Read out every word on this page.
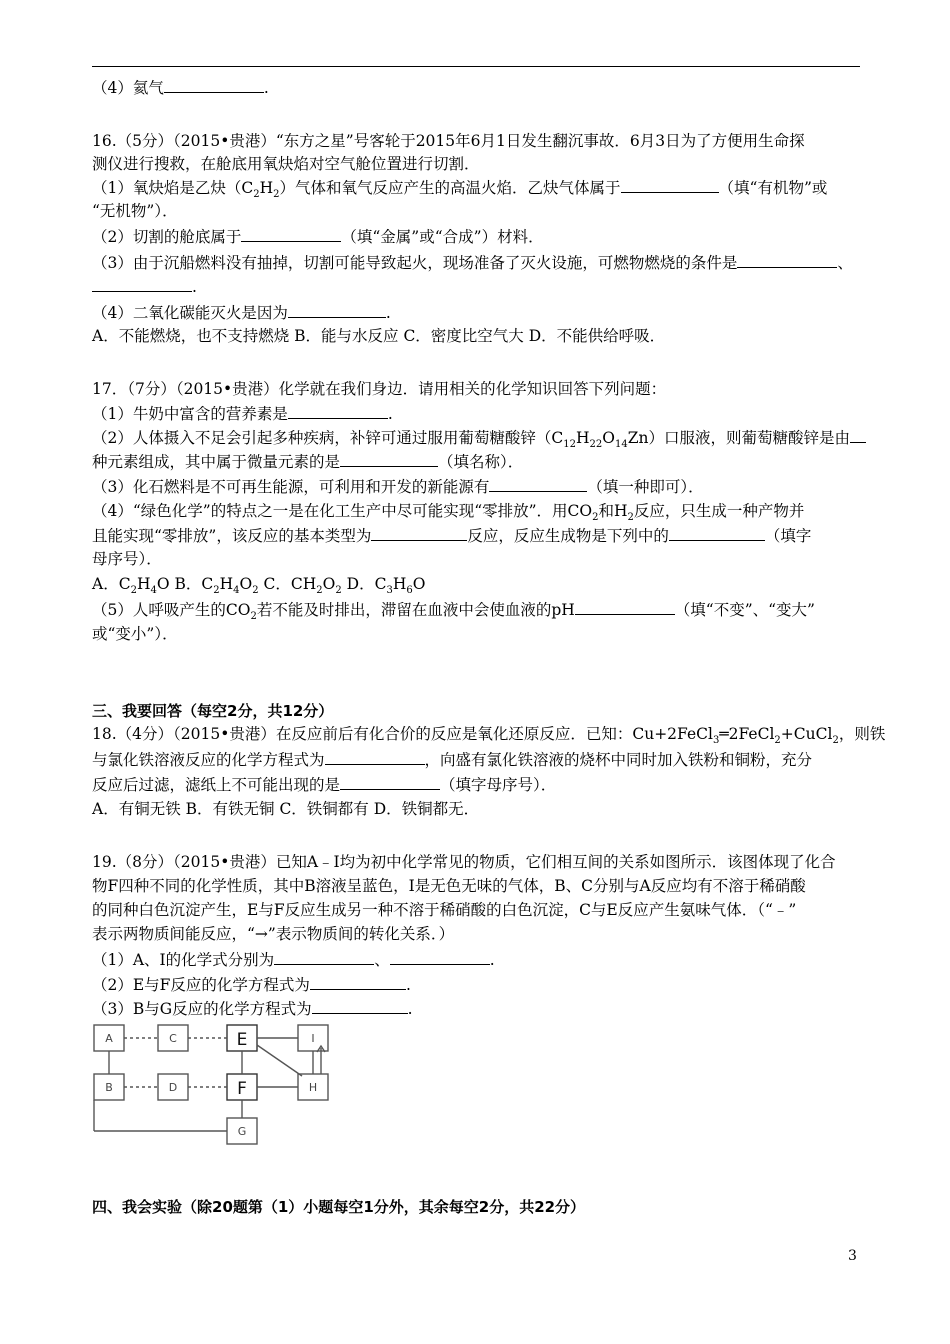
（4）氦气	.
16.（5分）（2015•贵港）“东方之星”号客轮于2015年6月1日发生翻沉事故．6月3日为了方便用生命探
测仪进行搜救，在舱底用氧炔焰对空气舱位置进行切割．
（1）氧炔焰是乙炔$(C_2H_2)$气体和氧气反应产生的高温火焰．乙炔气体属于	（填“有机物”或
“无机物”）．
（2）切割的舱底属于	（填“金属”或“合成”）材料．
（3）由于沉船燃料没有抽掉，切割可能导致起火，现场准备了灭火设施，可燃物燃烧的条件是	、
.
（4）二氧化碳能灭火是因为	.
A．不能燃烧，也不支持燃烧 B．能与水反应 C．密度比空气大 D．不能供给呼吸．
17．（7分）（2015•贵港）化学就在我们身边．请用相关的化学知识回答下列问题：
（1）牛奶中富含的营养素是	.
（2）人体摄入不足会引起多种疾病，补锌可通过服用葡萄糖酸锌$(C_{12}H_{22}O_{14}Zn)$口服液，则葡萄糖酸锌是由
种元素组成，其中属于微量元素的是	（填名称）．
（3）化石燃料是不可再生能源，可利用和开发的新能源有	（填一种即可）．
（4）“绿色化学”的特点之一是在化工生产中尽可能实现“零排放”．用$CO_2$和$H_2$反应，只生成一种产物并
且能实现“零排放”，该反应的基本类型为	反应，反应生成物是下列中的	（填字
母序号）．
A．$C_2H_4O$ B．$C_2H_4O_2$ C．$CH_2O_2$ D．$C_3H_6O$
（5）人呼吸产生的$CO_2$若不能及时排出，滞留在血液中会使血液的pH	（填“不变”、“变大”
或“变小”）．
三、我要回答（每空2分，共12分）
18.（4分）（2015•贵港）在反应前后有化合价的反应是氧化还原反应．已知：Cu+2FeCl$_3$═2FeCl$_2$+CuCl$_2$，则铁
与氯化铁溶液反应的化学方程式为	，向盛有氯化铁溶液的烧杯中同时加入铁粉和铜粉，充分
反应后过滤，滤纸上不可能出现的是	（填字母序号）．
A．有铜无铁 B．有铁无铜 C．铁铜都有 D．铁铜都无．
19.（8分）（2015•贵港）已知A﹣I均为初中化学常见的物质，它们相互间的关系如图所示．该图体现了化合
物F四种不同的化学性质，其中B溶液呈蓝色，I是无色无味的气体，B、C分别与A反应均有不溶于稀硝酸
的同种白色沉淀产生，E与F反应生成另一种不溶于稀硝酸的白色沉淀，C与E反应产生氨味气体．（“﹣”
表示两物质间能反应，“→”表示物质间的转化关系．）
（1）A、I的化学式分别为	、	.
（2）E与F反应的化学方程式为	.
（3）B与G反应的化学方程式为	.
A	C	I
B	D	H
G
E
F
四、我会实验（除20题第（1）小题每空1分外，其余每空2分，共22分）
3
